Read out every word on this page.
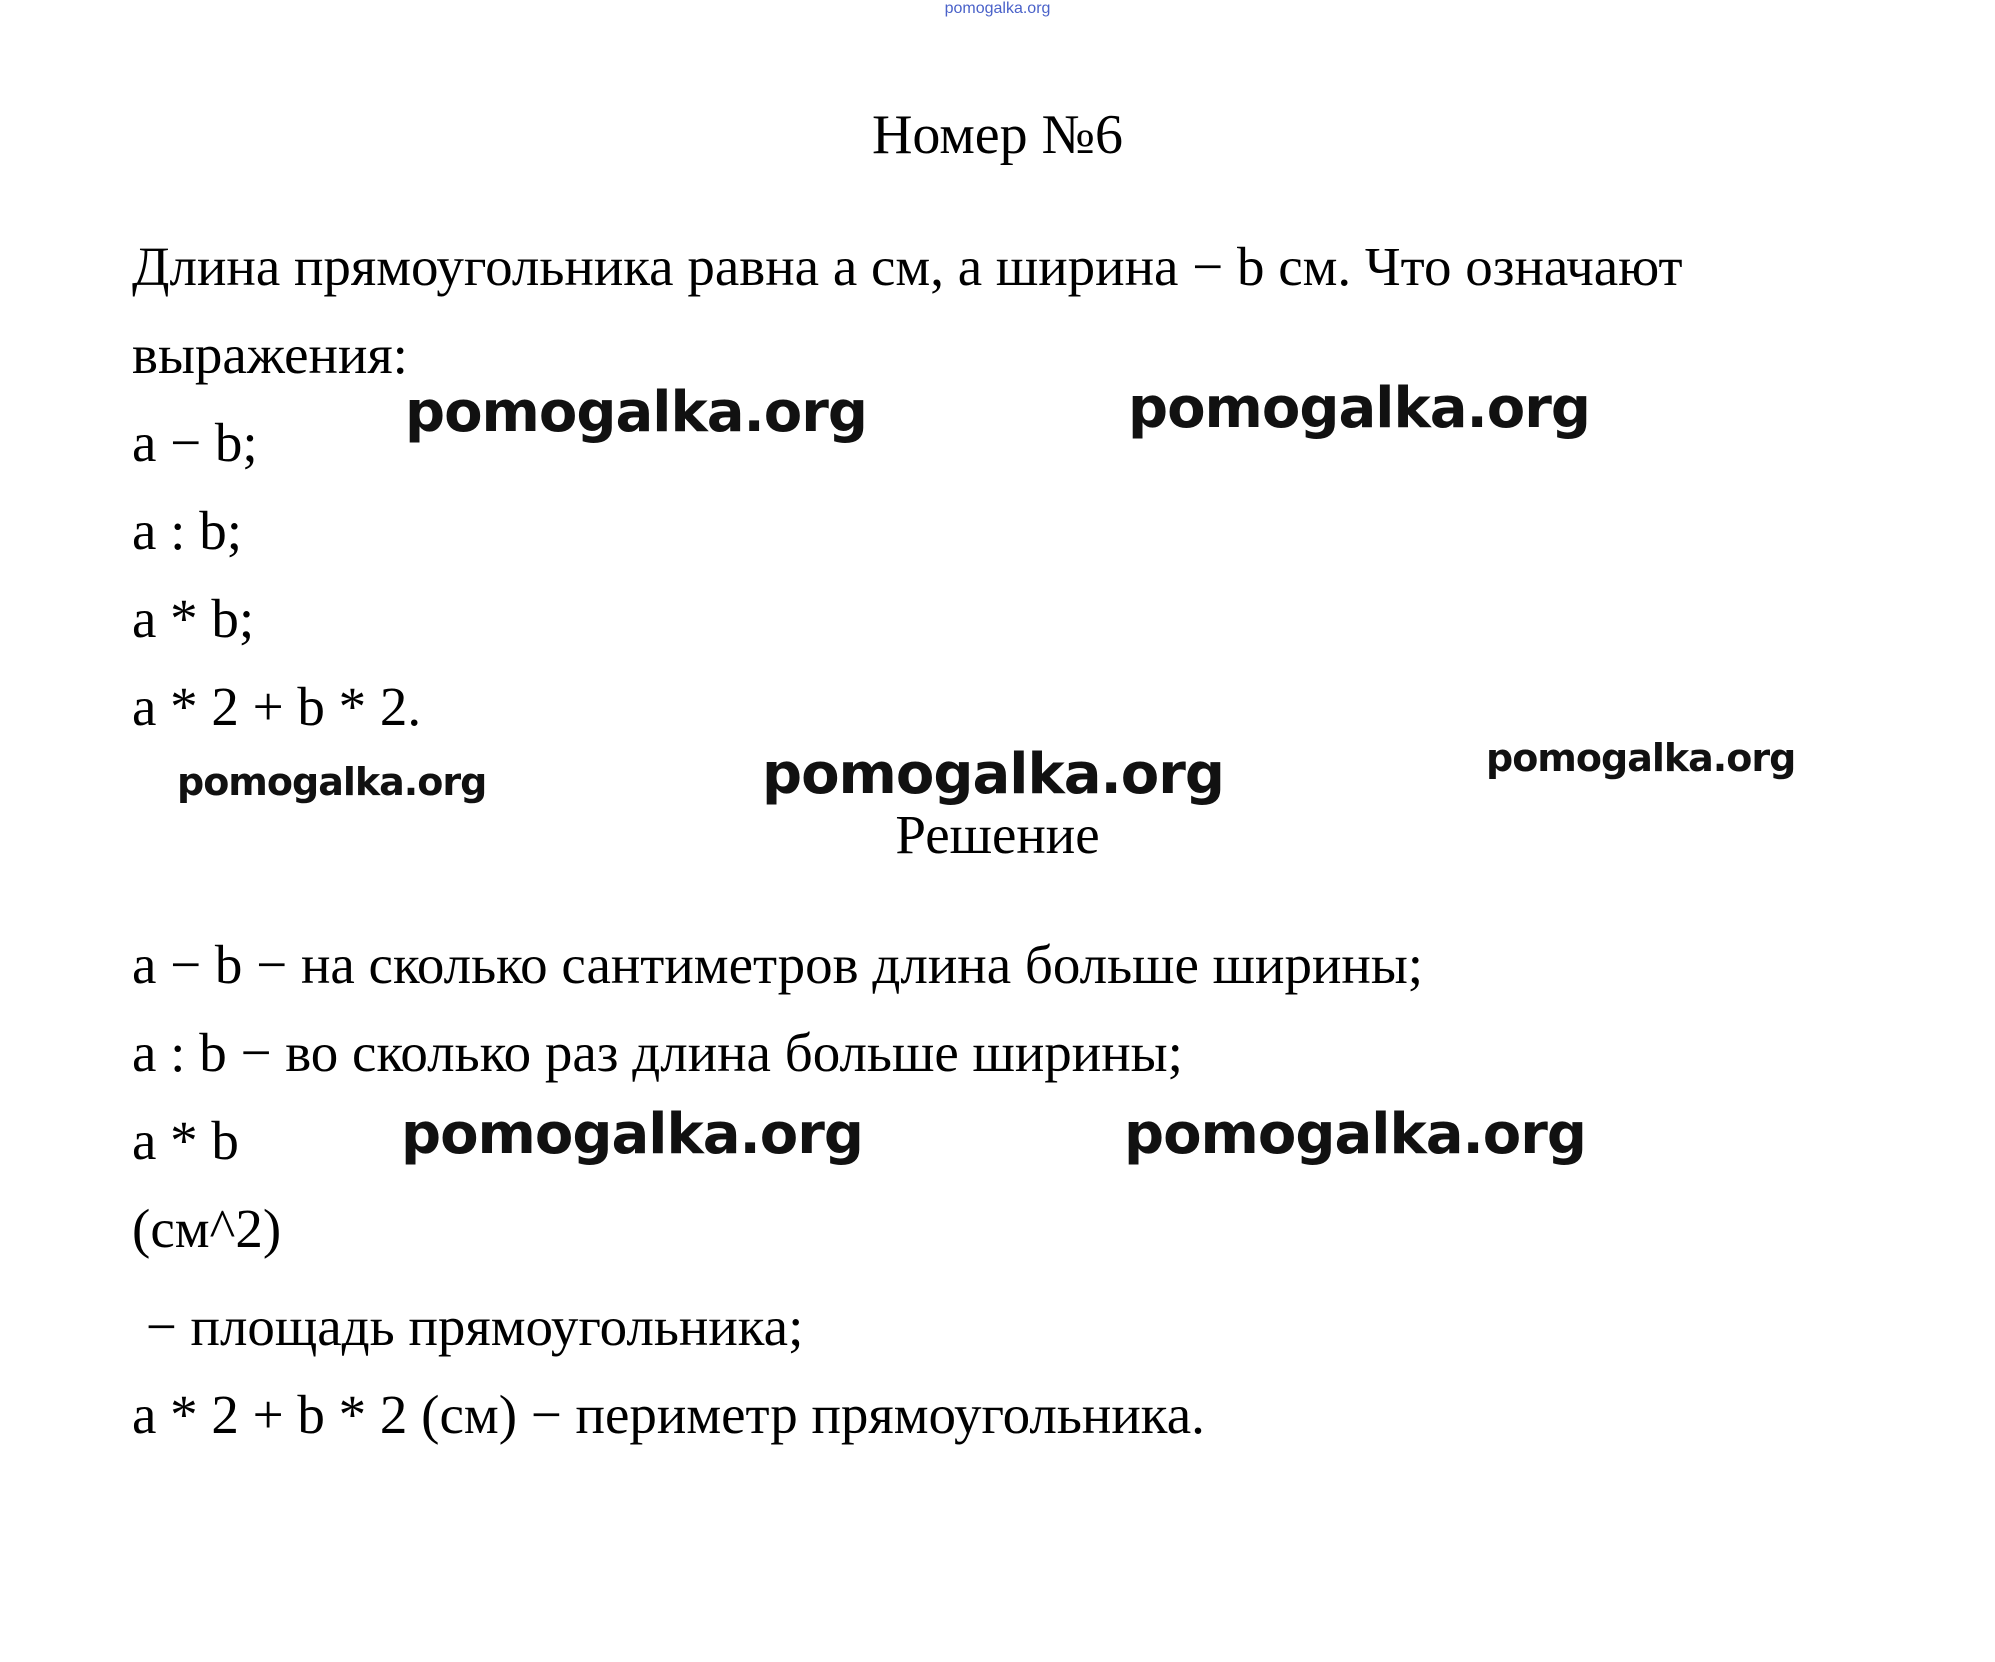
pomogalka.org
Номер №6
Длина прямоугольника равна a см, а ширина − b см. Что означают
выражения:
a − b;
a : b;
a * b;
a * 2 + b * 2.
Решение
a − b − на сколько сантиметров длина больше ширины;
a : b − во сколько раз длина больше ширины;
a * b
(см^2)
− площадь прямоугольника;
a * 2 + b * 2 (см) − периметр прямоугольника.
pomogalka.org	pomogalka.org
pomogalka.org	pomogalka.org	pomogalka.org
pomogalka.org	pomogalka.org
